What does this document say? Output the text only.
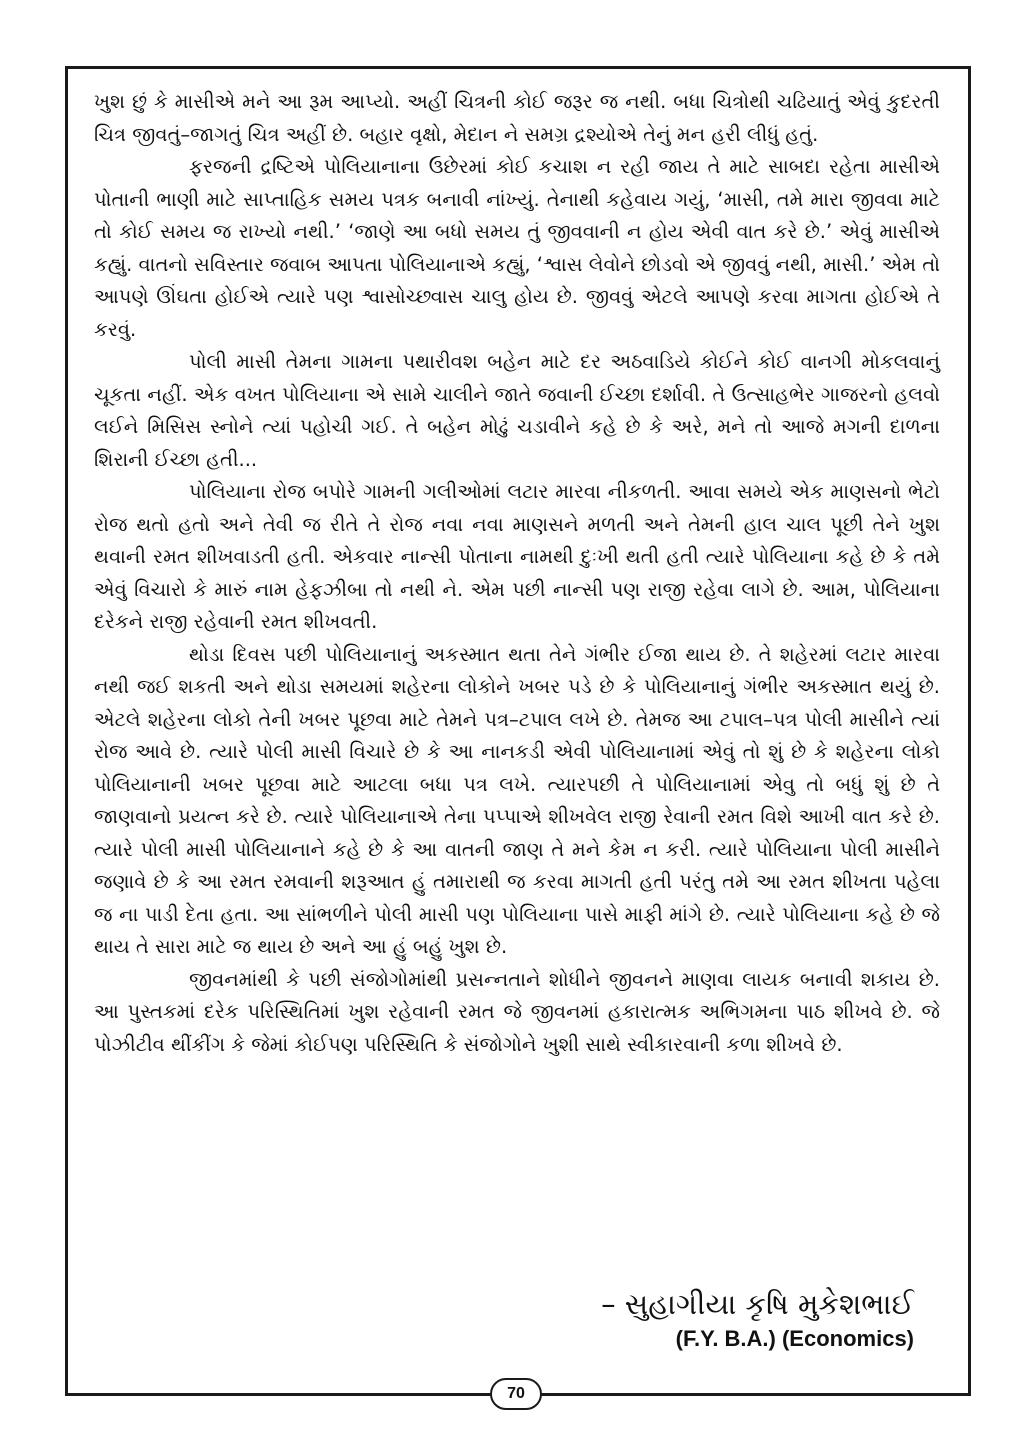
ખુશ છું કે માસીએ મને આ રૂમ આપ્યો. અહીં ચિત્રની કોઈ જરૂર જ નથી. બધા ચિત્રોથી ચઢિયાતું એવું કુદરતી ચિત્ર જીવતું–જાગતું ચિત્ર અહીં છે. બહાર વૃક્ષો, મેદાન ને સમગ્ર દ્રશ્યોએ તેનું મન હરી લીધું હતું.

ફરજની દ્રષ્ટિએ પોલિયાનાના ઉછેરમાં કોઈ કચાશ ન રહી જાય તે માટે સાબદા રહેતા માસીએ પોતાની ભાણી માટે સાપ્તાહિક સમય પત્રક બનાવી નાંખ્યું. તેનાથી કહેવાય ગયું, ‘માસી, તમે મારા જીવવા માટે તો કોઈ સમય જ રાખ્યો નથી.’ ‘જાણે આ બધો સમય તું જીવવાની ન હોય એવી વાત કરે છે.’ એવું માસીએ કહ્યું. વાતનો સવિસ્તાર જવાબ આપતા પોલિયાનાએ કહ્યું, ‘શ્વાસ લેવોને છોડવો એ જીવવું નથી, માસી.’ એમ તો આપણે ઊંઘતા હોઈએ ત્યારે પણ શ્વાસોચ્છ્વાસ ચાલુ હોય છે. જીવવું એટલે આપણે કરવા માગતા હોઈએ તે કરવું.

પોલી માસી તેમના ગામના પથારીવશ બહેન માટે દર અઠવાડિયે કોઈને કોઈ વાનગી મોકલવાનું ચૂકતા નહીં. એક વખત પોલિયાના એ સામે ચાલીને જાતે જવાની ઈચ્છા દર્શાવી. તે ઉત્સાહભેર ગાજરનો હલવો લઈને મિસિસ સ્નોને ત્યાં પહોચી ગઈ. તે બહેન મોઢું ચડાવીને કહે છે કે અરે, મને તો આજે મગની દાળના શિરાની ઈચ્છા હતી...

પોલિયાના રોજ બપોરે ગામની ગલીઓમાં લટાર મારવા નીકળતી. આવા સમયે એક માણસનો ભેટો રોજ થતો હતો અને તેવી જ રીતે તે રોજ નવા નવા માણસને મળતી અને તેમની હાલ ચાલ પૂછી તેને ખુશ થવાની રમત શીખવાડતી હતી. એકવાર નાન્સી પોતાના નામથી દુઃખી થતી હતી ત્યારે પોલિયાના કહે છે કે તમે એવું વિચારો કે મારું નામ હેફઝીબા તો નથી ને. એમ પછી નાન્સી પણ રાજી રહેવા લાગે છે. આમ, પોલિયાના દરેકને રાજી રહેવાની રમત શીખવતી.

થોડા દિવસ પછી પોલિયાનાનું અકસ્માત થતા તેને ગંભીર ઈજા થાય છે. તે શહેરમાં લટાર મારવા નથી જઈ શકતી અને થોડા સમયમાં શહેરના લોકોને ખબર પડે છે કે પોલિયાનાનું ગંભીર અકસ્માત થયું છે. એટલે શહેરના લોકો તેની ખબર પૂછવા માટે તેમને પત્ર–ટપાલ લખે છે. તેમજ આ ટપાલ–પત્ર પોલી માસીને ત્યાં રોજ આવે છે. ત્યારે પોલી માસી વિચારે છે કે આ નાનકડી એવી પોલિયાનામાં એવું તો શું છે કે શહેરના લોકો પોલિયાનાની ખબર પૂછવા માટે આટલા બધા પત્ર લખે. ત્યારપછી તે પોલિયાનામાં એવુ તો બધું શું છે તે જાણવાનો પ્રયત્ન કરે છે. ત્યારે પોલિયાનાએ તેના પપ્પાએ શીખવેલ રાજી રેવાની રમત વિશે આખી વાત કરે છે. ત્યારે પોલી માસી પોલિયાનાને કહે છે કે આ વાતની જાણ તે મને કેમ ન કરી. ત્યારે પોલિયાના પોલી માસીને જણાવે છે કે આ રમત રમવાની શરૂઆત હું તમારાથી જ કરવા માગતી હતી પરંતુ તમે આ રમત શીખતા પહેલા જ ના પાડી દેતા હતા. આ સાંભળીને પોલી માસી પણ પોલિયાના પાસે માફી માંગે છે. ત્યારે પોલિયાના કહે છે જે થાય તે સારા માટે જ થાય છે અને આ હું બહું ખુશ છે.

જીવનમાંથી કે પછી સંજોગોમાંથી પ્રસન્નતાને શોધીને જીવનને માણવા લાયક બનાવી શકાય છે. આ પુસ્તકમાં દરેક પરિસ્થિતિમાં ખુશ રહેવાની રમત જે જીવનમાં હકારાત્મક અભિગમના પાઠ શીખવે છે. જે પોઝીટીવ થીંકીંગ કે જેમાં કોઈપણ પરિસ્થિતિ કે સંજોગોને ખુશી સાથે સ્વીકારવાની કળા શીખવે છે.

– સુહાગીયા કૃષિ મુકેશભાઈ
(F.Y. B.A.) (Economics)
70
